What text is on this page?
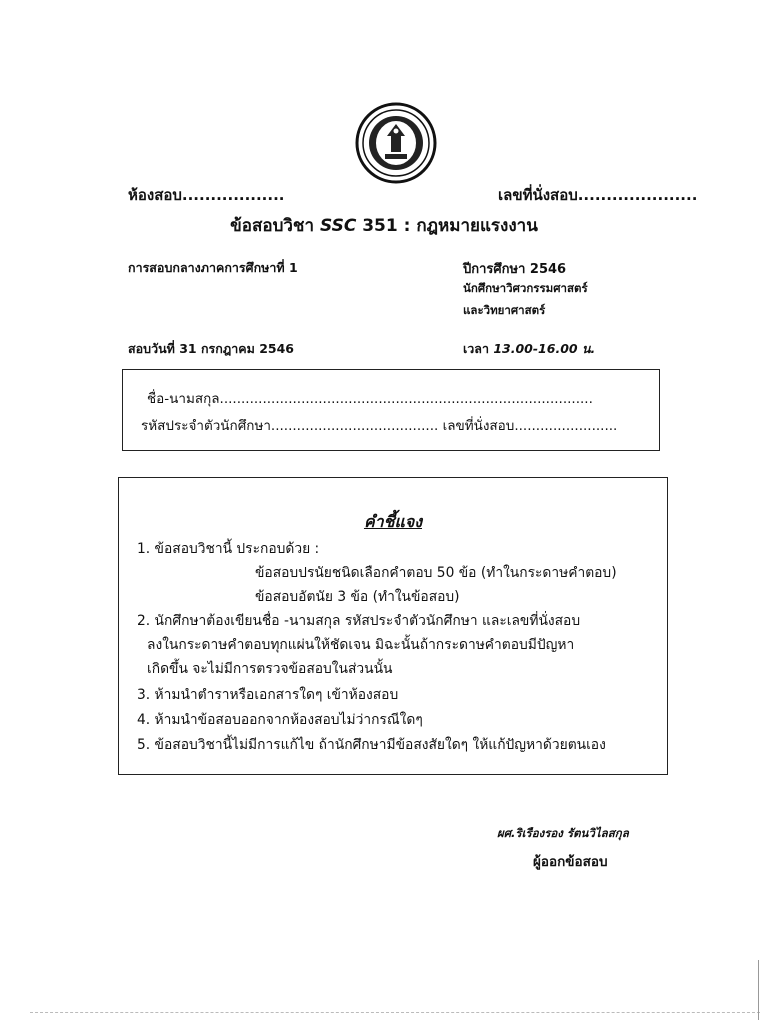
ห้องสอบ..................	เลขที่นั่งสอบ.....................
ข้อสอบวิชา SSC 351 : กฎหมายแรงงาน
การสอบกลางภาคการศึกษาที่ 1	ปีการศึกษา 2546
นักศึกษาวิศวกรรมศาสตร์
และวิทยาศาสตร์
สอบวันที่ 31 กรกฎาคม 2546	เวลา 13.00-16.00 น.
ชื่อ-นามสกุล.......................................................................................
รหัสประจำตัวนักศึกษา....................................... เลขที่นั่งสอบ........................
คำชี้แจง
1. ข้อสอบวิชานี้ ประกอบด้วย :
ข้อสอบปรนัยชนิดเลือกคำตอบ 50 ข้อ (ทำในกระดาษคำตอบ)
ข้อสอบอัตนัย 3 ข้อ (ทำในข้อสอบ)
2. นักศึกษาต้องเขียนชื่อ -นามสกุล รหัสประจำตัวนักศึกษา และเลขที่นั่งสอบ
ลงในกระดาษคำตอบทุกแผ่นให้ชัดเจน มิฉะนั้นถ้ากระดาษคำตอบมีปัญหา
เกิดขึ้น จะไม่มีการตรวจข้อสอบในส่วนนั้น
3. ห้ามนำตำราหรือเอกสารใดๆ เข้าห้องสอบ
4. ห้ามนำข้อสอบออกจากห้องสอบไม่ว่ากรณีใดๆ
5. ข้อสอบวิชานี้ไม่มีการแก้ไข ถ้านักศึกษามีข้อสงสัยใดๆ ให้แก้ปัญหาด้วยตนเอง
ผศ.ริเรืองรอง รัตนวิไลสกุล
ผู้ออกข้อสอบ
